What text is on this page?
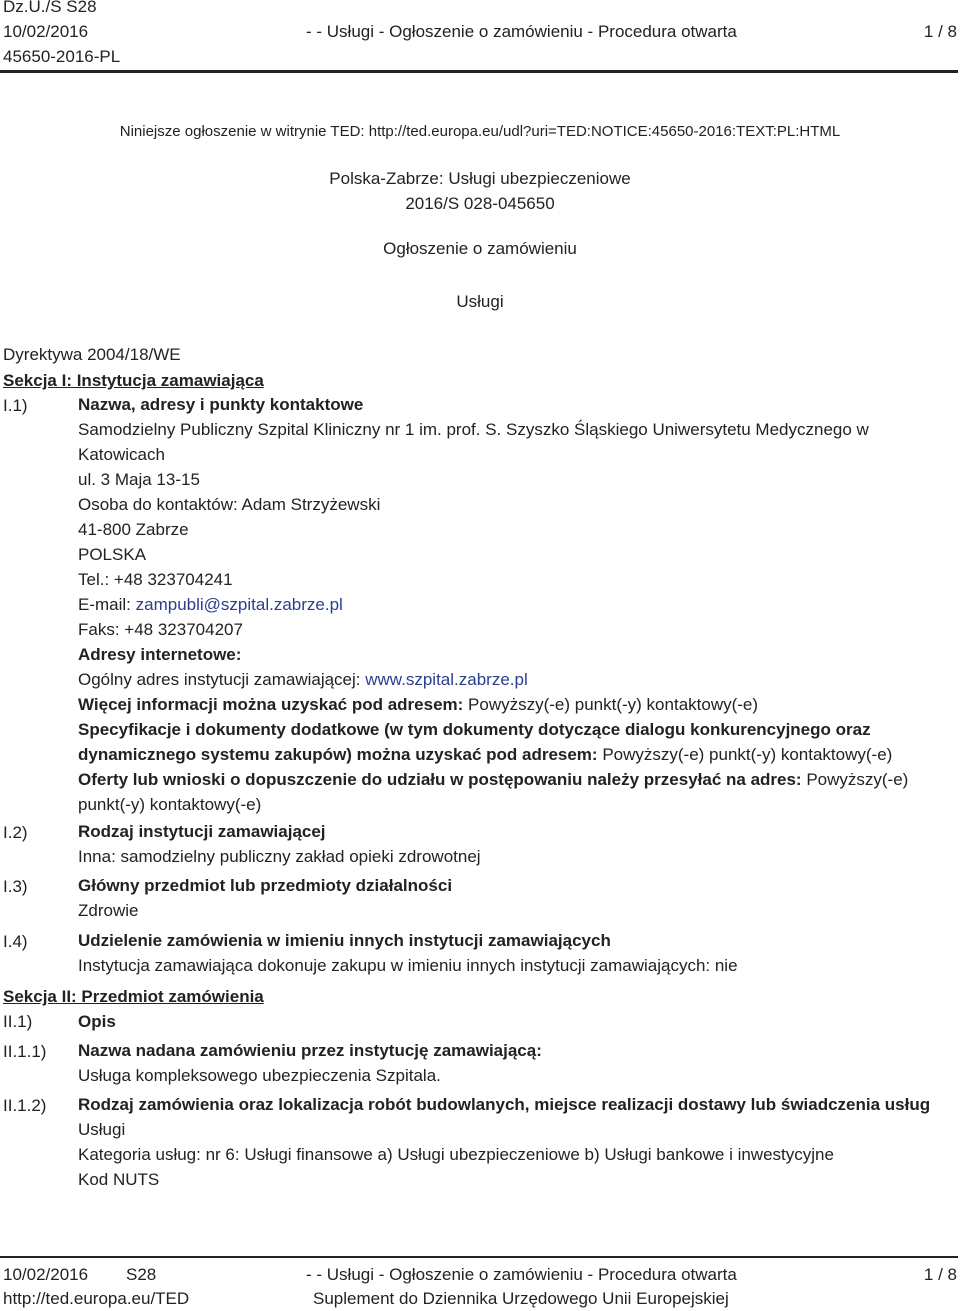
Dz.U./S S28
10/02/2016
45650-2016-PL
- - Usługi - Ogłoszenie o zamówieniu - Procedura otwarta	1 / 8
Niniejsze ogłoszenie w witrynie TED: http://ted.europa.eu/udl?uri=TED:NOTICE:45650-2016:TEXT:PL:HTML
Polska-Zabrze: Usługi ubezpieczeniowe
2016/S 028-045650
Ogłoszenie o zamówieniu
Usługi
Dyrektywa 2004/18/WE
Sekcja I: Instytucja zamawiająca
I.1)	Nazwa, adresy i punkty kontaktowe
Samodzielny Publiczny Szpital Kliniczny nr 1 im. prof. S. Szyszko Śląskiego Uniwersytetu Medycznego w Katowicach
ul. 3 Maja 13-15
Osoba do kontaktów: Adam Strzyżewski
41-800 Zabrze
POLSKA
Tel.: +48 323704241
E-mail: zampubli@szpital.zabrze.pl
Faks: +48 323704207
Adresy internetowe:
Ogólny adres instytucji zamawiającej: www.szpital.zabrze.pl
Więcej informacji można uzyskać pod adresem: Powyższy(-e) punkt(-y) kontaktowy(-e)
Specyfikacje i dokumenty dodatkowe (w tym dokumenty dotyczące dialogu konkurencyjnego oraz dynamicznego systemu zakupów) można uzyskać pod adresem: Powyższy(-e) punkt(-y) kontaktowy(-e)
Oferty lub wnioski o dopuszczenie do udziału w postępowaniu należy przesyłać na adres: Powyższy(-e) punkt(-y) kontaktowy(-e)
I.2)	Rodzaj instytucji zamawiającej
Inna: samodzielny publiczny zakład opieki zdrowotnej
I.3)	Główny przedmiot lub przedmioty działalności
Zdrowie
I.4)	Udzielenie zamówienia w imieniu innych instytucji zamawiających
Instytucja zamawiająca dokonuje zakupu w imieniu innych instytucji zamawiających: nie
Sekcja II: Przedmiot zamówienia
II.1)	Opis
II.1.1) Nazwa nadana zamówieniu przez instytucję zamawiającą:
Usługa kompleksowego ubezpieczenia Szpitala.
II.1.2) Rodzaj zamówienia oraz lokalizacja robót budowlanych, miejsce realizacji dostawy lub świadczenia usług
Usługi
Kategoria usług: nr 6: Usługi finansowe a) Usługi ubezpieczeniowe b) Usługi bankowe i inwestycyjne
Kod NUTS
10/02/2016 S28
http://ted.europa.eu/TED
- - Usługi - Ogłoszenie o zamówieniu - Procedura otwarta
Suplement do Dziennika Urzędowego Unii Europejskiej
1 / 8
